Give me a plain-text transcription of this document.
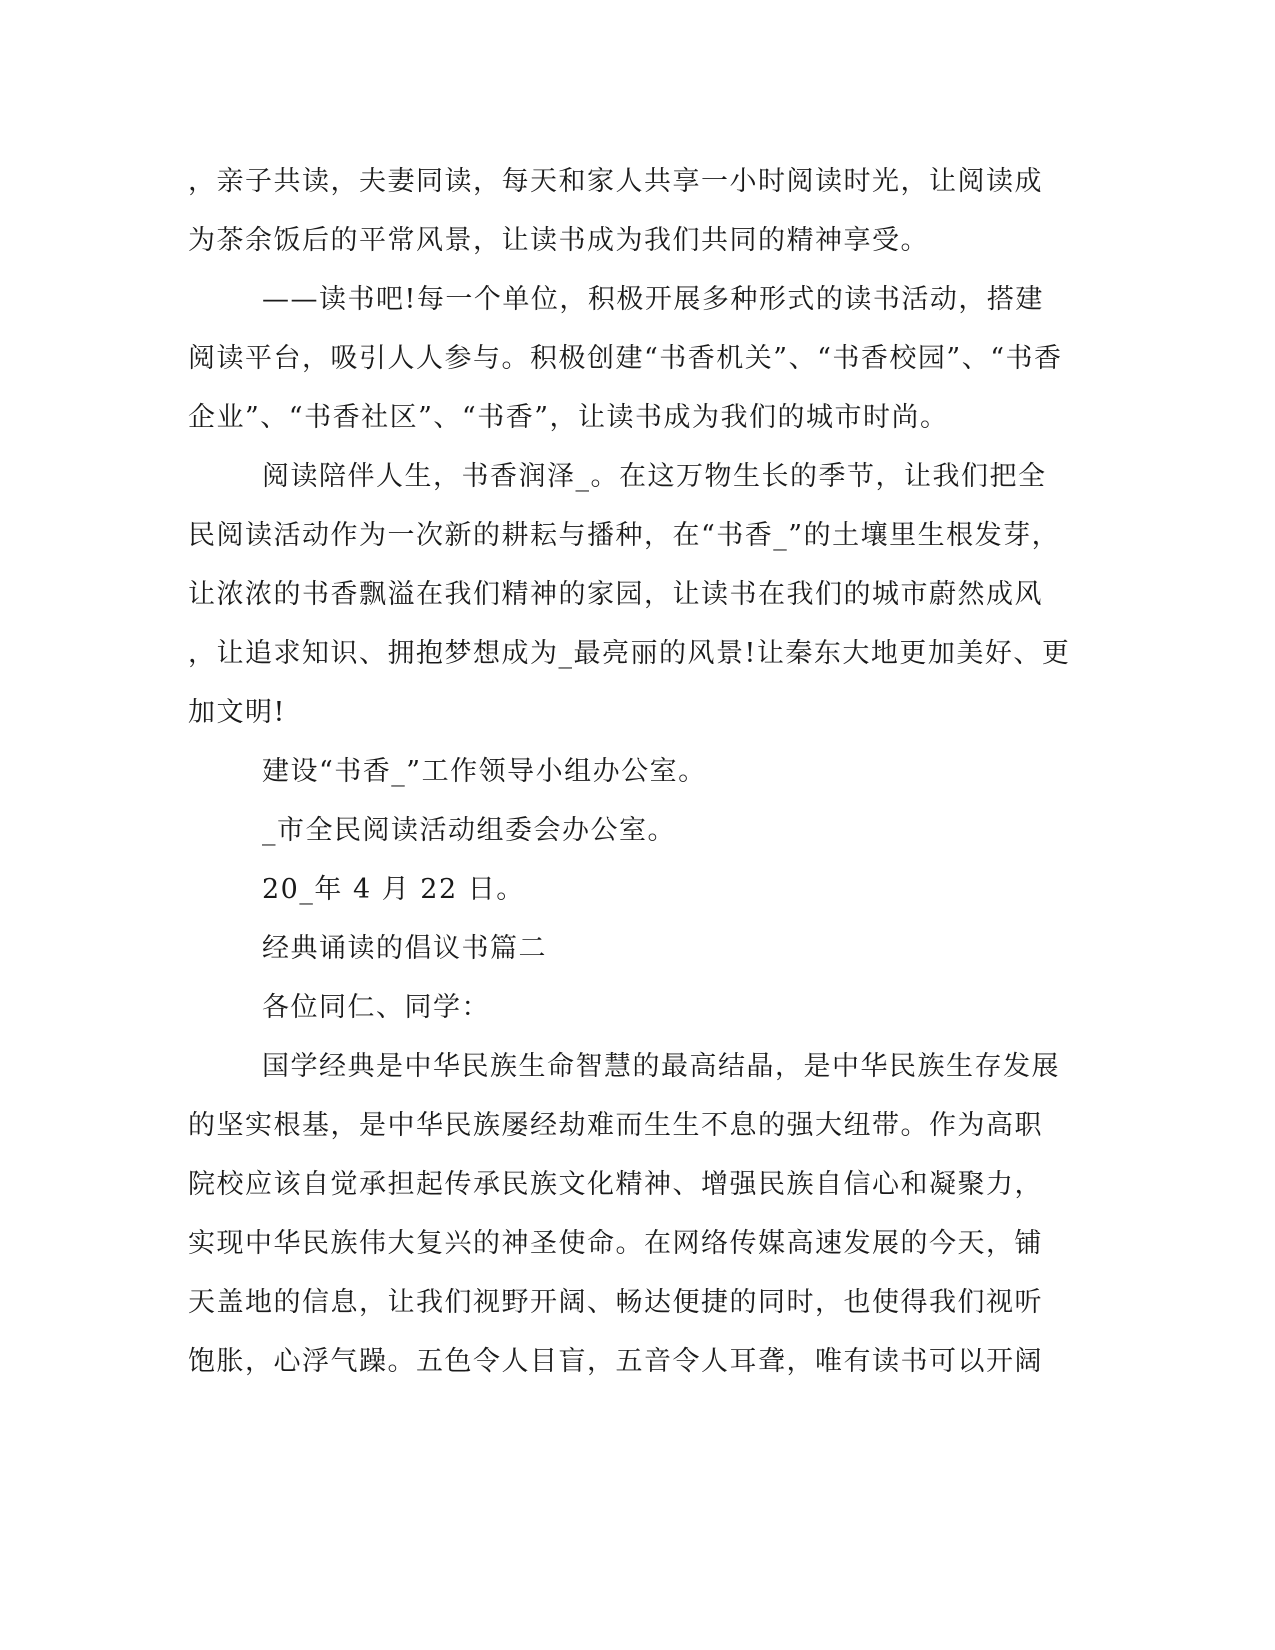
，亲子共读，夫妻同读，每天和家人共享一小时阅读时光，让阅读成
为茶余饭后的平常风景，让读书成为我们共同的精神享受。
——读书吧!每一个单位，积极开展多种形式的读书活动，搭建
阅读平台，吸引人人参与。积极创建“书香机关”、“书香校园”、“书香
企业”、“书香社区”、“书香”，让读书成为我们的城市时尚。
阅读陪伴人生，书香润泽_。在这万物生长的季节，让我们把全
民阅读活动作为一次新的耕耘与播种，在“书香_”的土壤里生根发芽，
让浓浓的书香飘溢在我们精神的家园，让读书在我们的城市蔚然成风
，让追求知识、拥抱梦想成为_最亮丽的风景!让秦东大地更加美好、更
加文明!
建设“书香_”工作领导小组办公室。
_市全民阅读活动组委会办公室。
20_年 4 月 22 日。
经典诵读的倡议书篇二
各位同仁、同学：
国学经典是中华民族生命智慧的最高结晶，是中华民族生存发展
的坚实根基，是中华民族屡经劫难而生生不息的强大纽带。作为高职
院校应该自觉承担起传承民族文化精神、增强民族自信心和凝聚力，
实现中华民族伟大复兴的神圣使命。在网络传媒高速发展的今天，铺
天盖地的信息，让我们视野开阔、畅达便捷的同时，也使得我们视听
饱胀，心浮气躁。五色令人目盲，五音令人耳聋，唯有读书可以开阔
